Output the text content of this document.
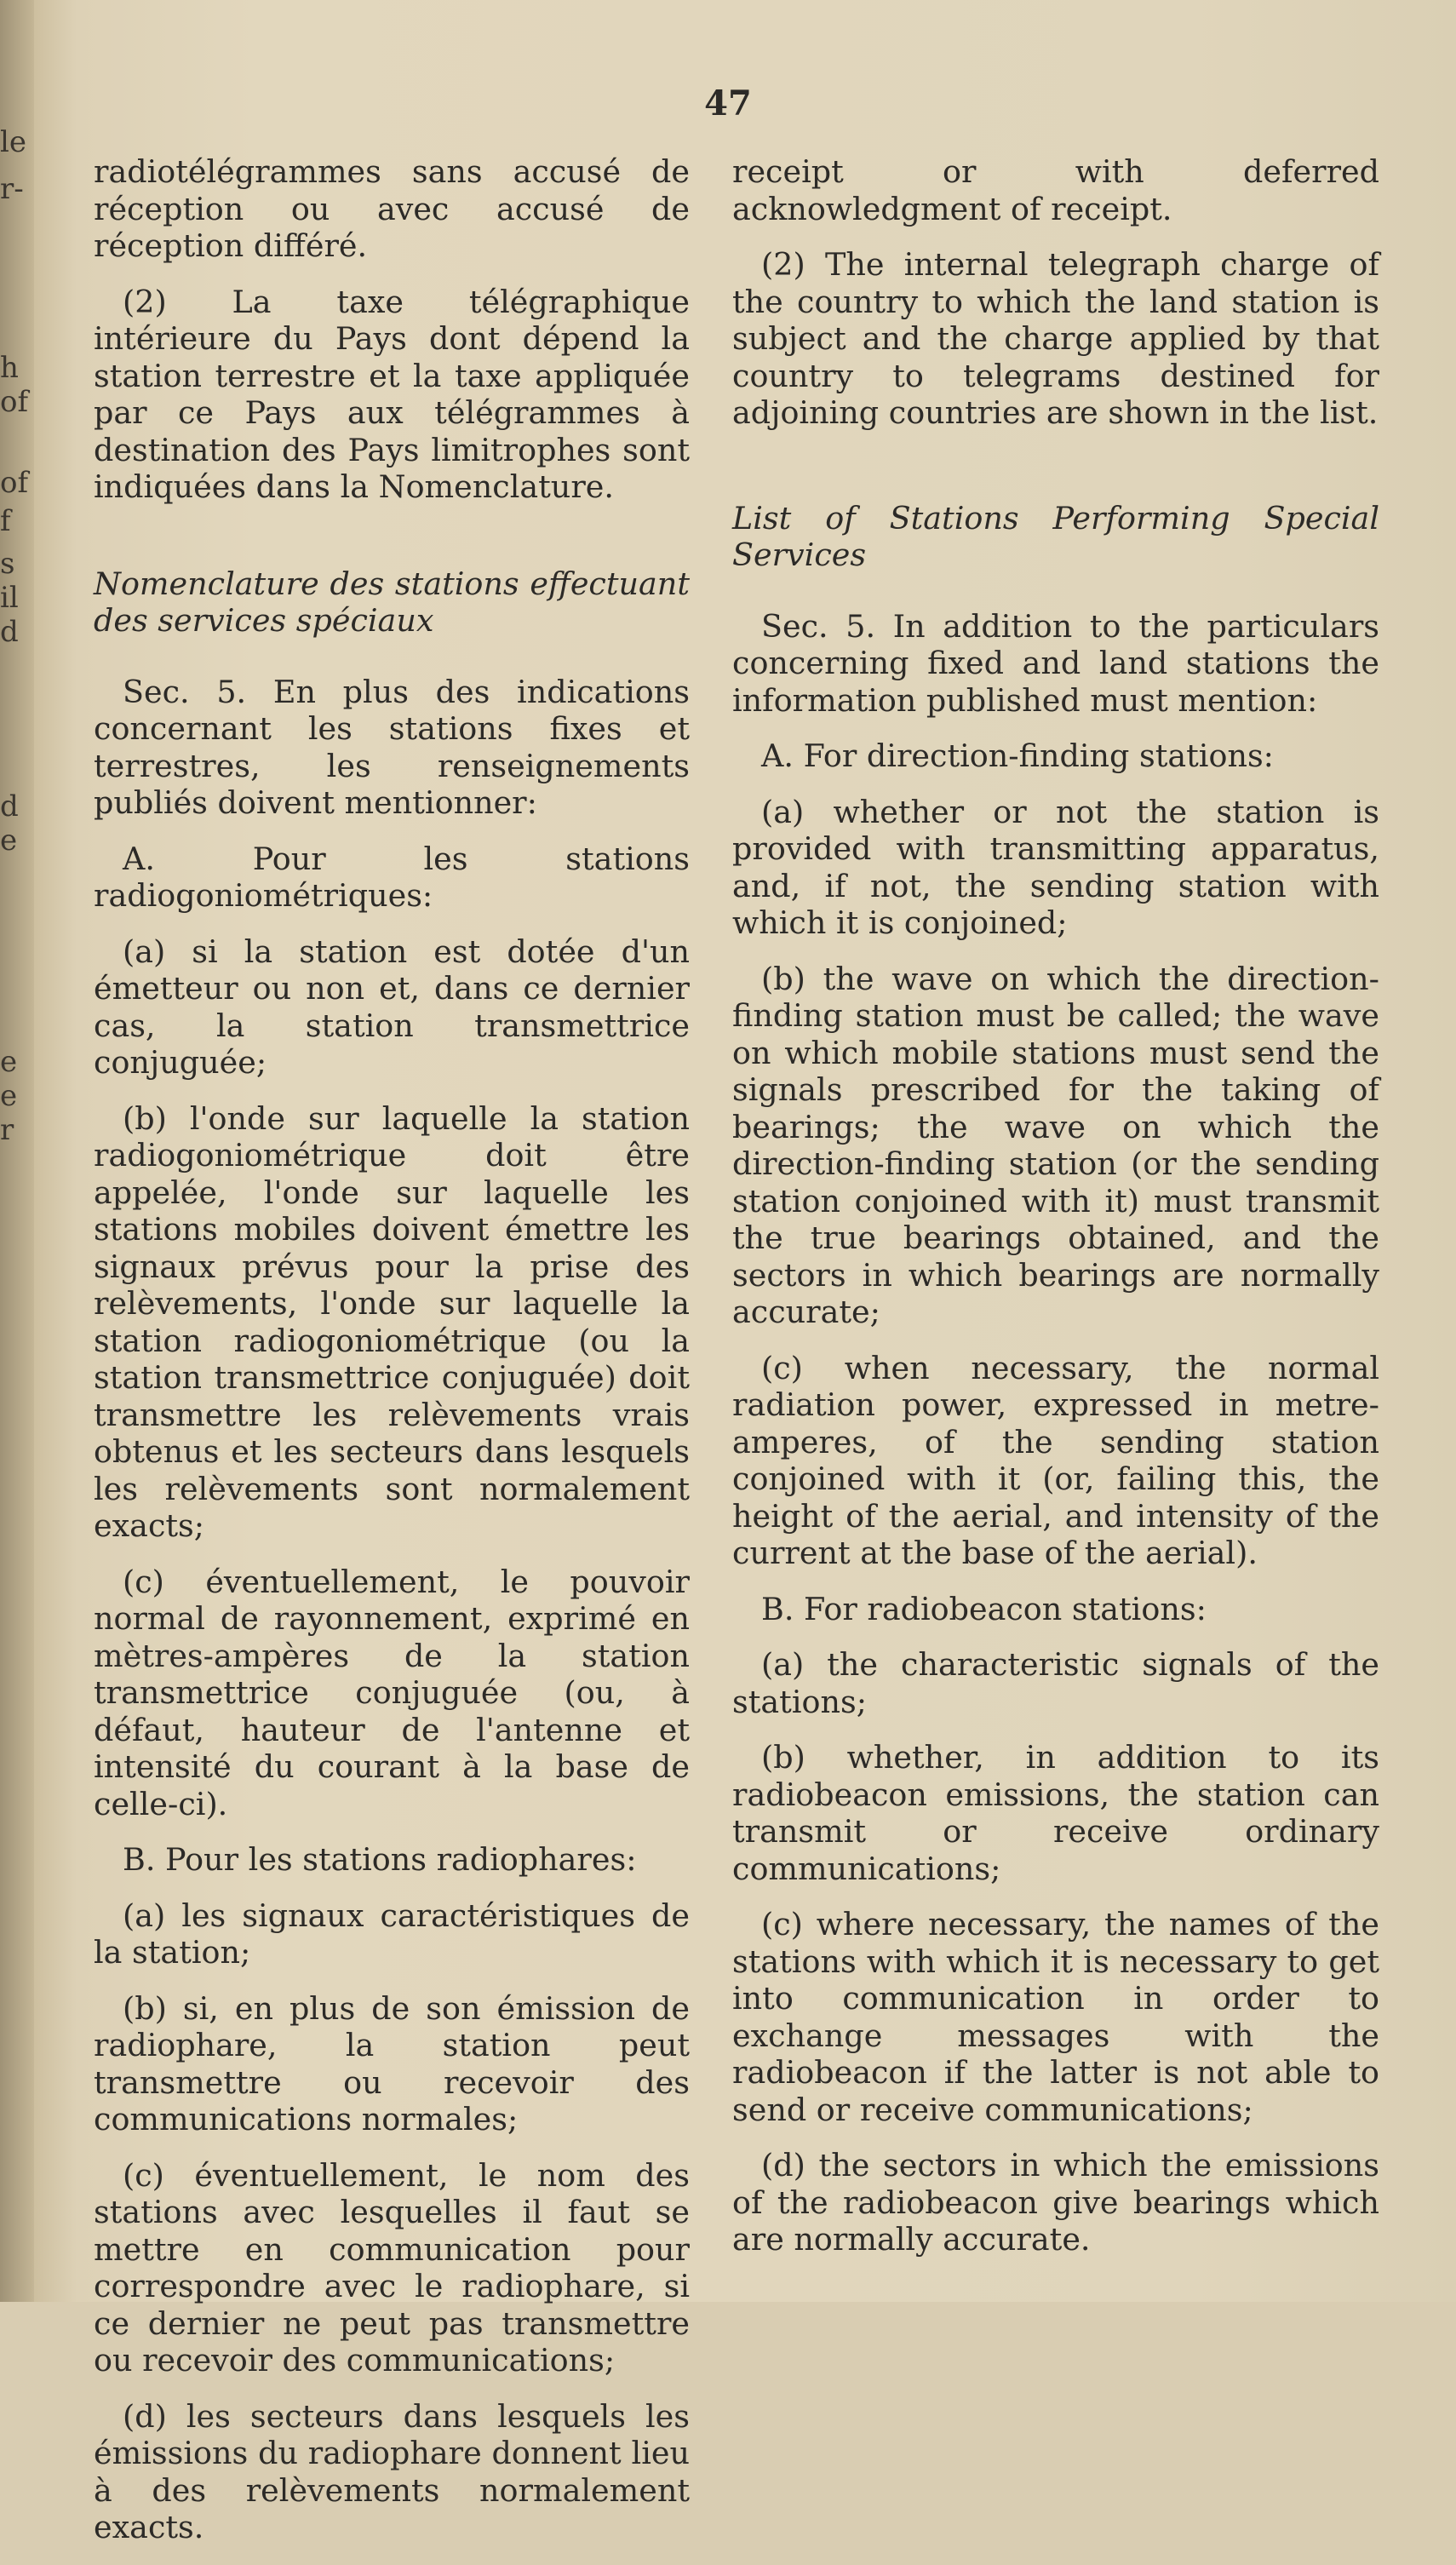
le
r-
h
of
of
f
s
il
d
d
e
e
e
r
47

radiotélégrammes sans accusé de réception ou avec accusé de réception différé.

(2) La taxe télégraphique intérieure du Pays dont dépend la station terrestre et la taxe appliquée par ce Pays aux télégrammes à destination des Pays limitrophes sont indiquées dans la Nomenclature.

Nomenclature des stations effectuant des services spéciaux

Sec. 5. En plus des indications concernant les stations fixes et terrestres, les renseignements publiés doivent mentionner:

A. Pour les stations radiogoniométriques:

(a) si la station est dotée d'un émetteur ou non et, dans ce dernier cas, la station transmettrice conjuguée;

(b) l'onde sur laquelle la station radiogoniométrique doit être appelée, l'onde sur laquelle les stations mobiles doivent émettre les signaux prévus pour la prise des relèvements, l'onde sur laquelle la station radiogoniométrique (ou la station transmettrice conjuguée) doit transmettre les relèvements vrais obtenus et les secteurs dans lesquels les relèvements sont normalement exacts;

(c) éventuellement, le pouvoir normal de rayonnement, exprimé en mètres-ampères de la station transmettrice conjuguée (ou, à défaut, hauteur de l'antenne et intensité du courant à la base de celle-ci).

B. Pour les stations radiophares:

(a) les signaux caractéristiques de la station;

(b) si, en plus de son émission de radiophare, la station peut transmettre ou recevoir des communications normales;

(c) éventuellement, le nom des stations avec lesquelles il faut se mettre en communication pour correspondre avec le radiophare, si ce dernier ne peut pas transmettre ou recevoir des communications;

(d) les secteurs dans lesquels les émissions du radiophare donnent lieu à des relèvements normalement exacts.

receipt or with deferred acknowledgment of receipt.

(2) The internal telegraph charge of the country to which the land station is subject and the charge applied by that country to telegrams destined for adjoining countries are shown in the list.

List of Stations Performing Special Services

Sec. 5. In addition to the particulars concerning fixed and land stations the information published must mention:

A. For direction-finding stations:

(a) whether or not the station is provided with transmitting apparatus, and, if not, the sending station with which it is conjoined;

(b) the wave on which the direction-finding station must be called; the wave on which mobile stations must send the signals prescribed for the taking of bearings; the wave on which the direction-finding station (or the sending station conjoined with it) must transmit the true bearings obtained, and the sectors in which bearings are normally accurate;

(c) when necessary, the normal radiation power, expressed in metre-amperes, of the sending station conjoined with it (or, failing this, the height of the aerial, and intensity of the current at the base of the aerial).

B. For radiobeacon stations:

(a) the characteristic signals of the stations;

(b) whether, in addition to its radiobeacon emissions, the station can transmit or receive ordinary communications;

(c) where necessary, the names of the stations with which it is necessary to get into communication in order to exchange messages with the radiobeacon if the latter is not able to send or receive communications;

(d) the sectors in which the emissions of the radiobeacon give bearings which are normally accurate.
